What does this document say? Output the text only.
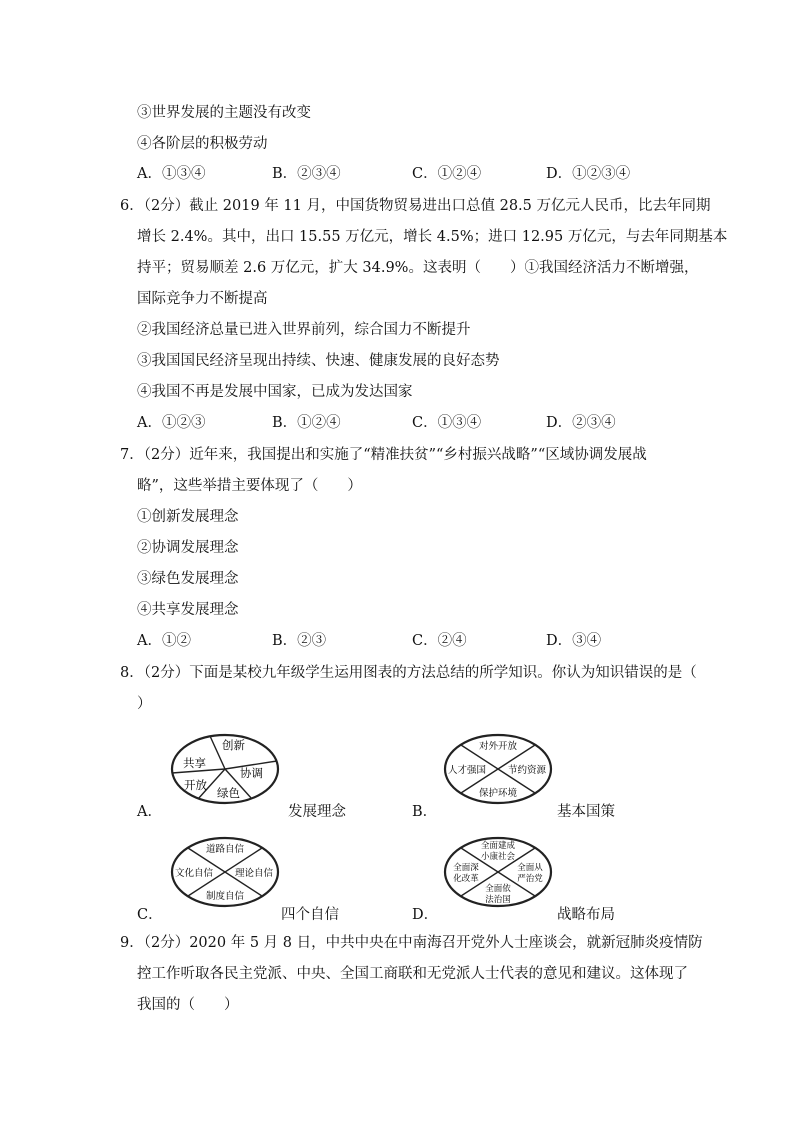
③世界发展的主题没有改变
④各阶层的积极劳动
A．①③④	B．②③④	C．①②④	D．①②③④
6．（2分）截止 2019 年 11 月，中国货物贸易进出口总值 28.5 万亿元人民币，比去年同期
增长 2.4%。其中，出口 15.55 万亿元，增长 4.5%；进口 12.95 万亿元，与去年同期基本
持平；贸易顺差 2.6 万亿元，扩大 34.9%。这表明（　　）①我国经济活力不断增强，
国际竞争力不断提高
②我国经济总量已进入世界前列，综合国力不断提升
③我国国民经济呈现出持续、快速、健康发展的良好态势
④我国不再是发展中国家，已成为发达国家
A．①②③	B．①②④	C．①③④	D．②③④
7．（2分）近年来，我国提出和实施了“精准扶贫”“乡村振兴战略”“区域协调发展战
略”，这些举措主要体现了（　　）
①创新发展理念
②协调发展理念
③绿色发展理念
④共享发展理念
A．①②	B．②③	C．②④	D．③④
8．（2分）下面是某校九年级学生运用图表的方法总结的所学知识。你认为知识错误的是（
）
创新
协调
绿色
开放
共享
A．	发展理念
对外开放
节约资源
保护环境
人才强国
B．	基本国策
道路自信
理论自信
制度自信
文化自信
C．	四个自信
全面建成
小康社会
全面从
严治党
全面依
法治国
全面深
化改革
D．	战略布局
9．（2分）2020 年 5 月 8 日，中共中央在中南海召开党外人士座谈会，就新冠肺炎疫情防
控工作听取各民主党派、中央、全国工商联和无党派人士代表的意见和建议。这体现了
我国的（　　）
